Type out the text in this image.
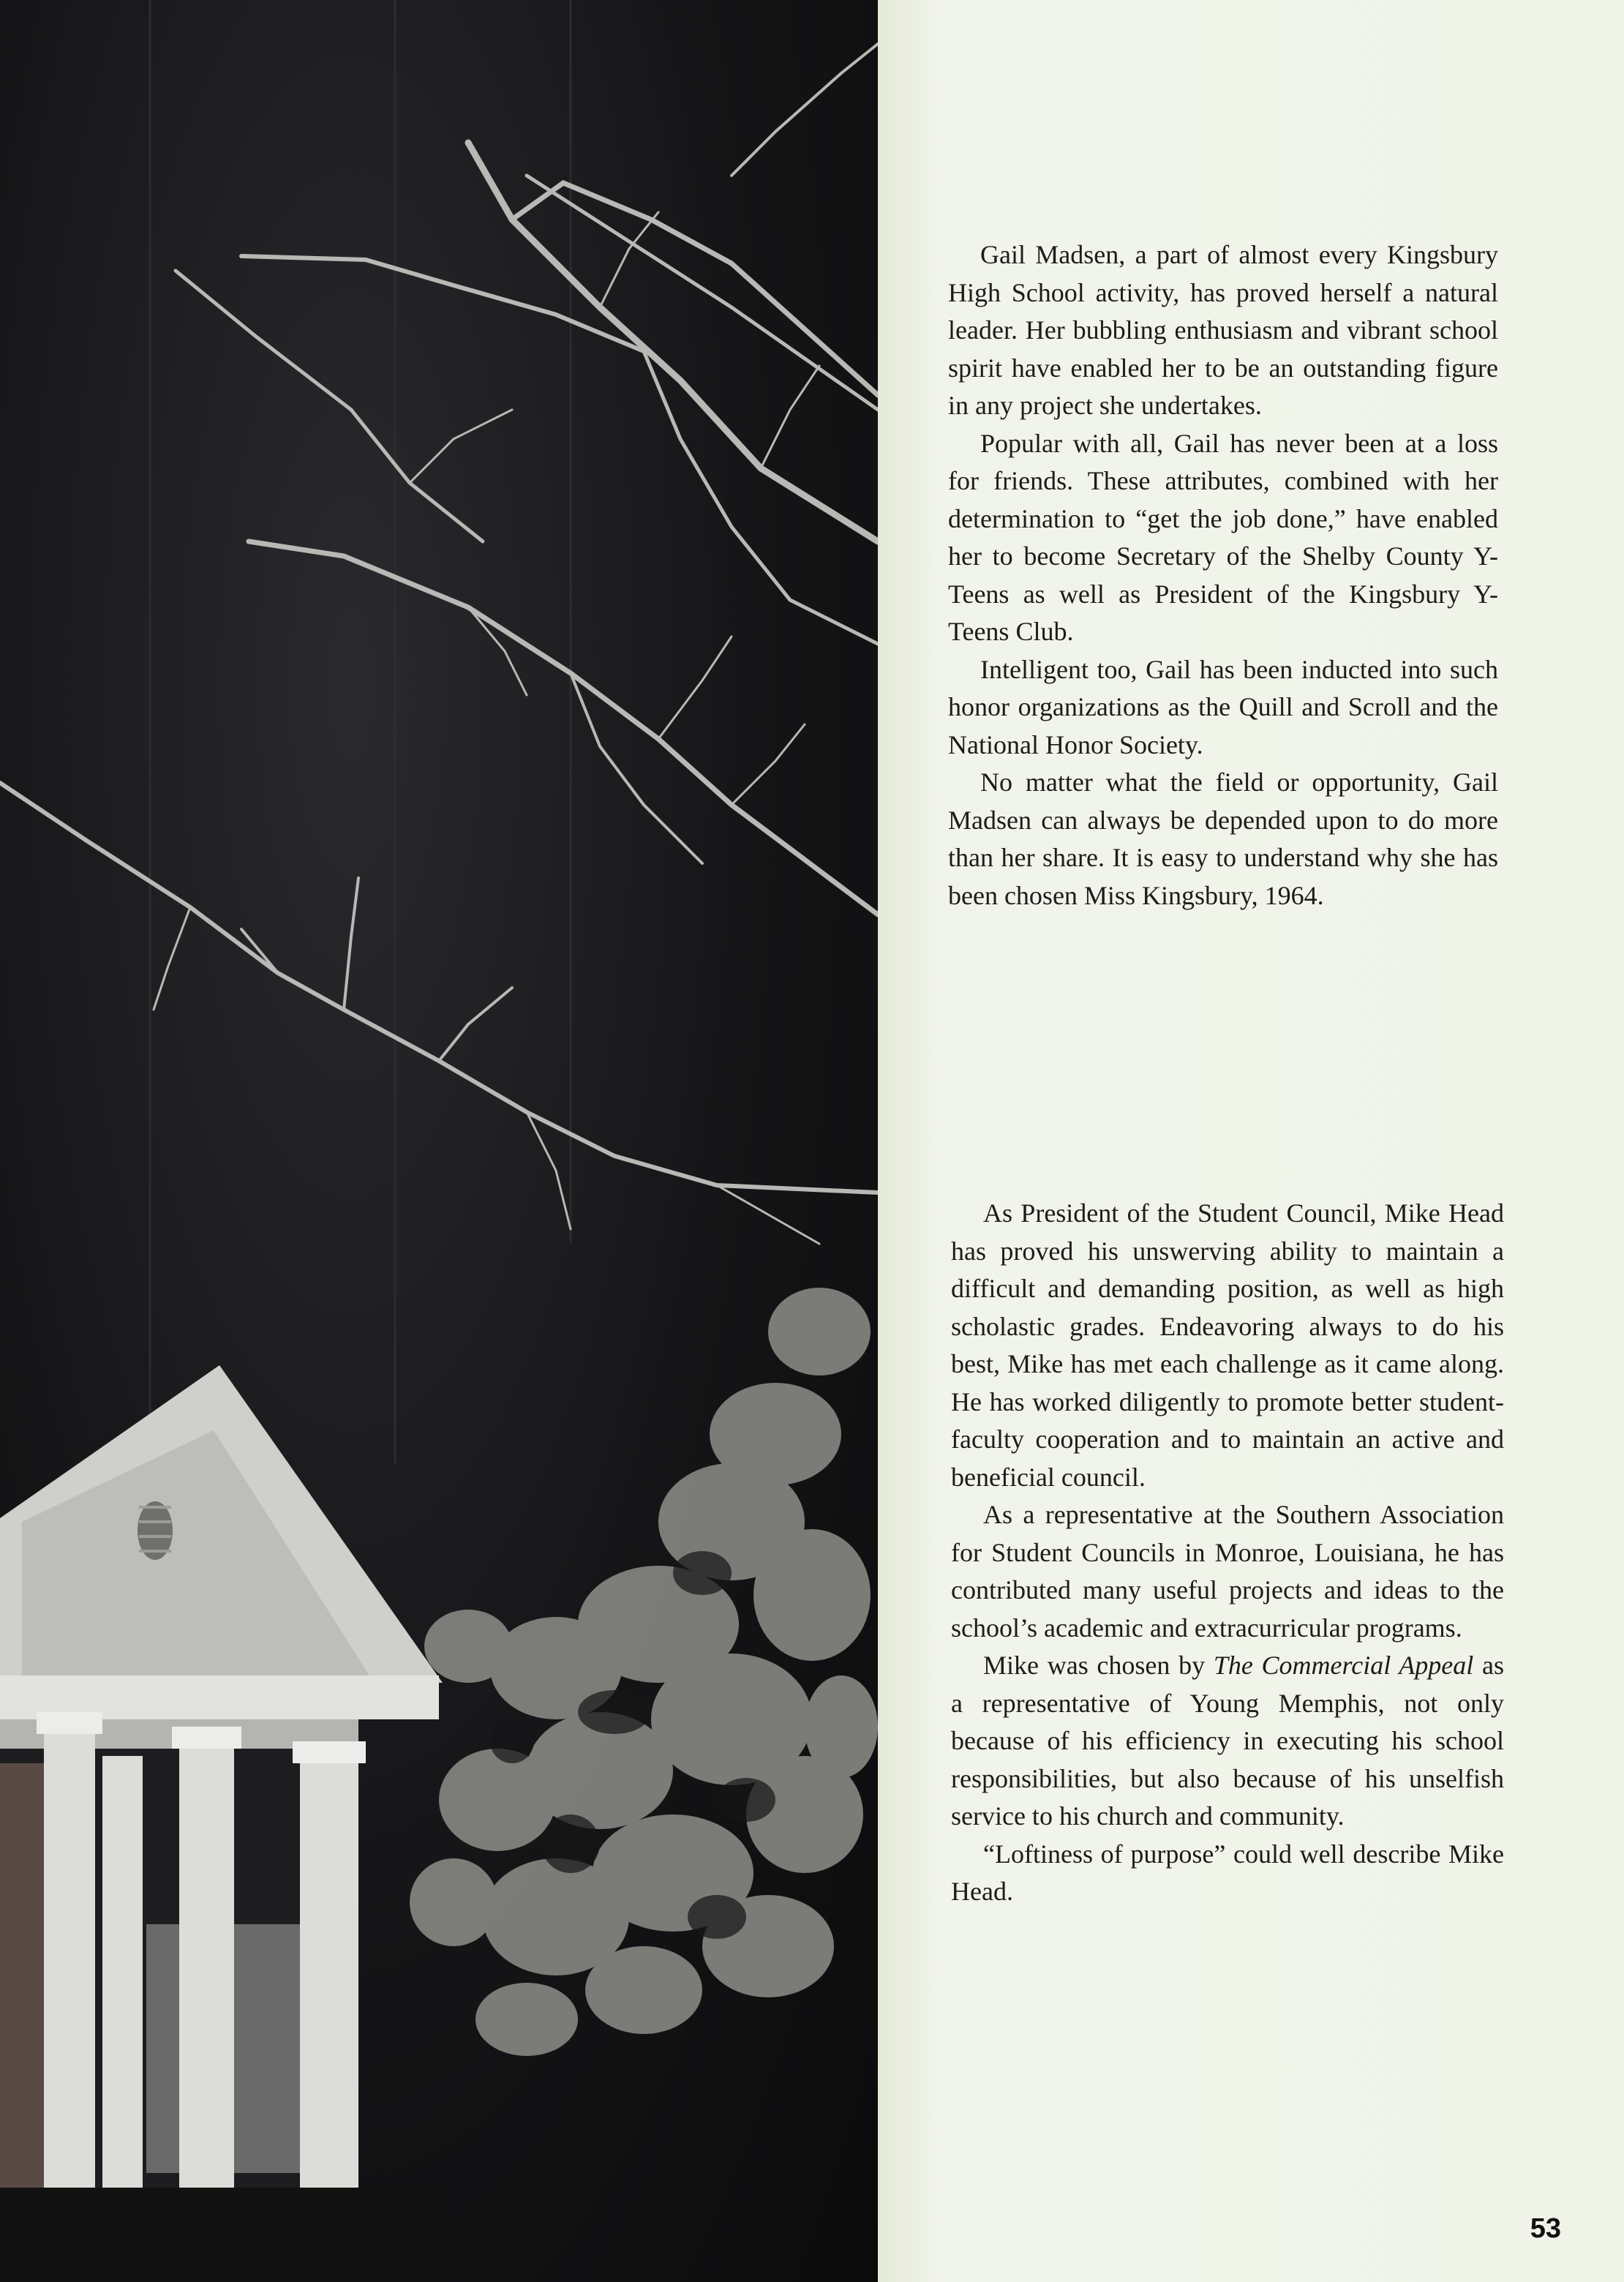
Gail Madsen, a part of almost every Kingsbury High School activity, has proved herself a natural leader. Her bubbling enthusiasm and vibrant school spirit have enabled her to be an outstanding figure in any project she undertakes.

Popular with all, Gail has never been at a loss for friends. These attributes, combined with her determination to “get the job done,” have enabled her to become Secretary of the Shelby County Y-Teens as well as President of the Kingsbury Y-Teens Club.

Intelligent too, Gail has been inducted into such honor organizations as the Quill and Scroll and the National Honor Society.

No matter what the field or opportunity, Gail Madsen can always be depended upon to do more than her share. It is easy to understand why she has been chosen Miss Kingsbury, 1964.

As President of the Student Council, Mike Head has proved his unswerving ability to maintain a difficult and demanding position, as well as high scholastic grades. Endeavoring always to do his best, Mike has met each challenge as it came along. He has worked diligently to promote better student-faculty cooperation and to maintain an active and beneficial council.

As a representative at the Southern Association for Student Councils in Monroe, Louisiana, he has contributed many useful projects and ideas to the school’s academic and extracurricular programs.

Mike was chosen by The Commercial Appeal as a representative of Young Memphis, not only because of his efficiency in executing his school responsibilities, but also because of his unselfish service to his church and community.

“Loftiness of purpose” could well describe Mike Head.

53
